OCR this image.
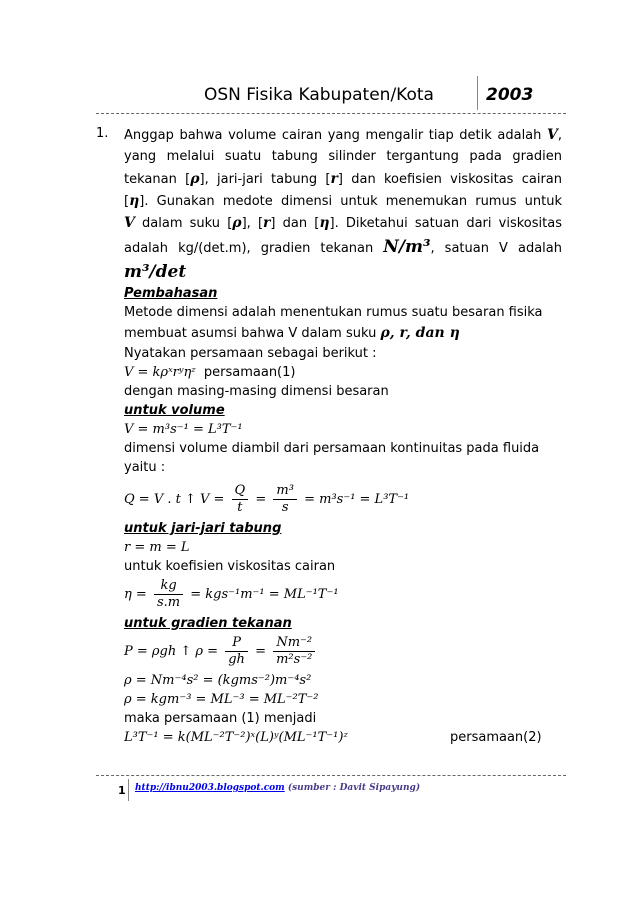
OSN Fisika Kabupaten/Kota	2003
1. Anggap bahwa volume cairan yang mengalir tiap detik adalah V,
yang melalui suatu tabung silinder tergantung pada gradien
tekanan [ρ], jari-jari tabung [r] dan koefisien viskositas cairan
[η]. Gunakan medote dimensi untuk menemukan rumus untuk
V dalam suku [ρ], [r] dan [η]. Diketahui satuan dari viskositas
adalah kg/(det.m), gradien tekanan N/m³, satuan V adalah
m³/det
Pembahasan
Metode dimensi adalah menentukan rumus suatu besaran fisika
membuat asumsi bahwa V dalam suku ρ, r, dan η
Nyatakan persamaan sebagai berikut :
V = kρˣrʸηᶻ persamaan(1)
dengan masing-masing dimensi besaran
untuk volume
V = m³s⁻¹ = L³T⁻¹
dimensi volume diambil dari persamaan kontinuitas pada fluida
yaitu :
Q = V . t ↑ $V = \frac{Q}{t} = \frac{\text{m³}}{s} = m^3s^{-1} = L^3T^{-1}$
untuk jari-jari tabung
r = m = L
untuk koefisien viskositas cairan
$\eta = \frac{kg}{s.m} = kgs^{-1}m^{-1} = ML^{-1}T^{-1}$
untuk gradien tekanan
P = ρgh ↑ $\rho = \frac{P}{gh} = \frac{\text{Nm⁻²}}{\text{m²s⁻²}}$
ρ = Nm⁻⁴s² = (kgms⁻²)m⁻⁴s²
ρ = kgm⁻³ = ML⁻³ = ML⁻²T⁻²
maka persamaan (1) menjadi
L³T⁻¹ = k(ML⁻²T⁻²)ˣ(L)ʸ(ML⁻¹T⁻¹)ᶻ	persamaan(2)
1 http://ibnu2003.blogspot.com (sumber : Davit Sipayung)
